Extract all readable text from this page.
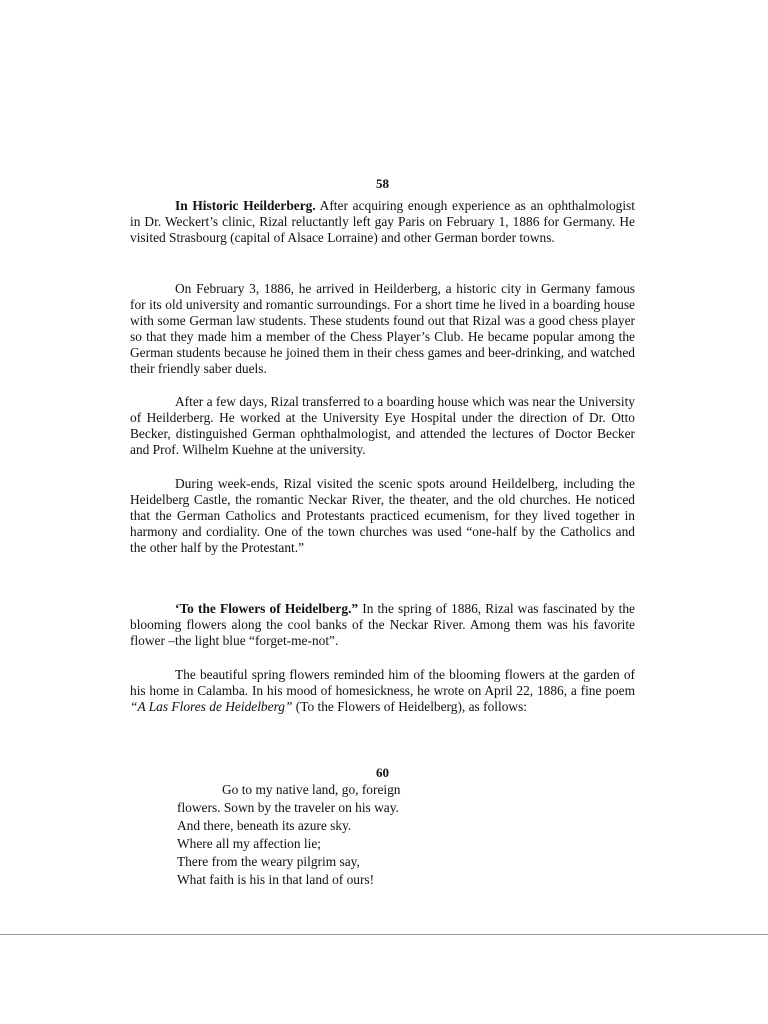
58

In Historic Heilderberg. After acquiring enough experience as an ophthalmologist in Dr. Weckert’s clinic, Rizal reluctantly left gay Paris on February 1, 1886 for Germany. He visited Strasbourg (capital of Alsace Lorraine) and other German border towns.

On February 3, 1886, he arrived in Heilderberg, a historic city in Germany famous for its old university and romantic surroundings. For a short time he lived in a boarding house with some German law students. These students found out that Rizal was a good chess player so that they made him a member of the Chess Player’s Club. He became popular among the German students because he joined them in their chess games and beer-drinking, and watched their friendly saber duels.

After a few days, Rizal transferred to a boarding house which was near the University of Heilderberg. He worked at the University Eye Hospital under the direction of Dr. Otto Becker, distinguished German ophthalmologist, and attended the lectures of Doctor Becker and Prof. Wilhelm Kuehne at the university.

During week-ends, Rizal visited the scenic spots around Heildelberg, including the Heidelberg Castle, the romantic Neckar River, the theater, and the old churches. He noticed that the German Catholics and Protestants practiced ecumenism, for they lived together in harmony and cordiality. One of the town churches was used “one-half by the Catholics and the other half by the Protestant.”

‘To the Flowers of Heidelberg.” In the spring of 1886, Rizal was fascinated by the blooming flowers along the cool banks of the Neckar River. Among them was his favorite flower –the light blue “forget-me-not”.

The beautiful spring flowers reminded him of the blooming flowers at the garden of his home in Calamba. In his mood of homesickness, he wrote on April 22, 1886, a fine poem “A Las Flores de Heidelberg” (To the Flowers of Heidelberg), as follows:

60
Go to my native land, go, foreign
flowers. Sown by the traveler on his way.
And there, beneath its azure sky.
Where all my affection lie;
There from the weary pilgrim say,
What faith is his in that land of ours!
